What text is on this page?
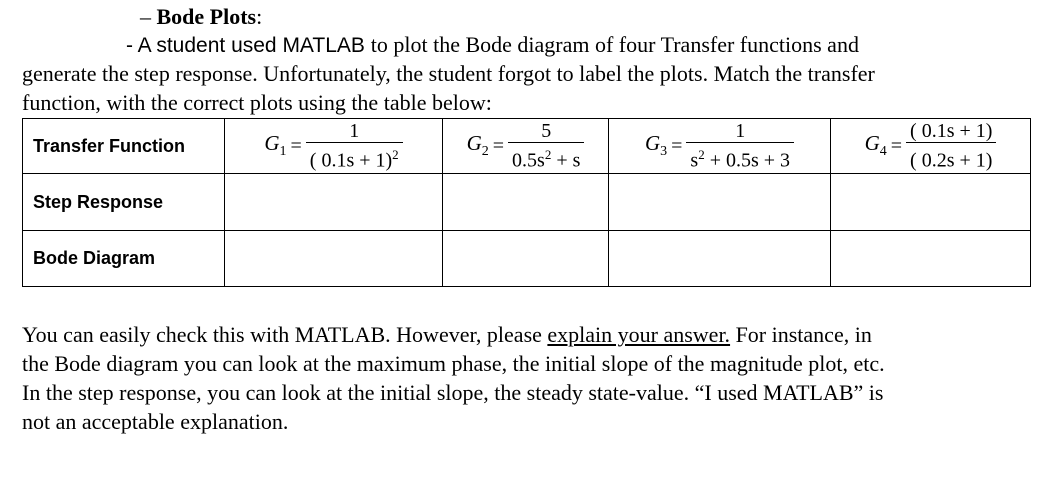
– Bode Plots:
- A student used MATLAB to plot the Bode diagram of four Transfer functions and
generate the step response. Unfortunately, the student forgot to label the plots. Match the transfer
function, with the correct plots using the table below:
Transfer Function	$G_1 = \frac{1}{( 0.1s + 1)^2}$	$G_2 = \frac{5}{0.5s^2 + s}$	$G_3 = \frac{1}{s^2 + 0.5s + 3}$	$G_4 = \frac{( 0.1s + 1)}{( 0.2s + 1)}$

Step Response				
Bode Diagram				
You can easily check this with MATLAB. However, please explain your answer. For instance, in
the Bode diagram you can look at the maximum phase, the initial slope of the magnitude plot, etc.
In the step response, you can look at the initial slope, the steady state-value. “I used MATLAB” is
not an acceptable explanation.
